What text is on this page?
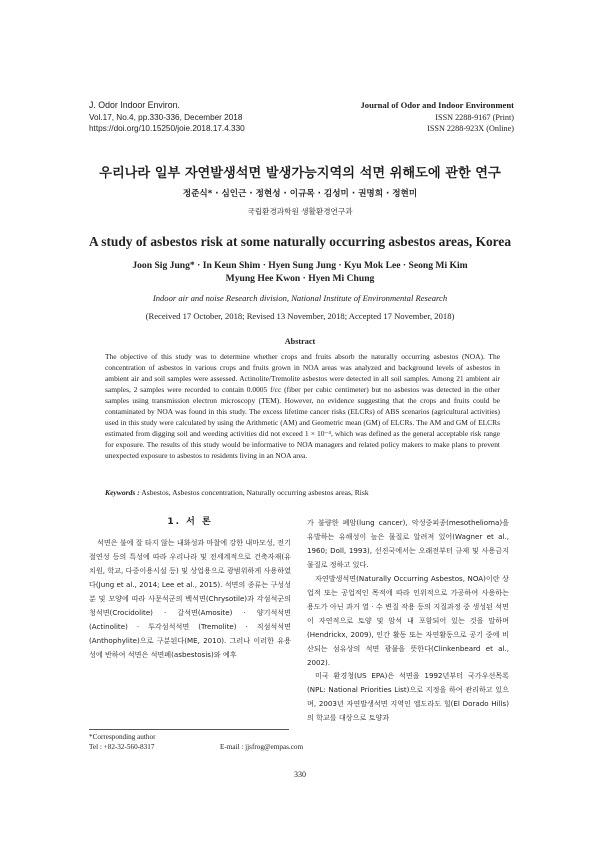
J. Odor Indoor Environ.
Vol.17, No.4, pp.330-336, December 2018
https://doi.org/10.15250/joie.2018.17.4.330
Journal of Odor and Indoor Environment
ISSN 2288-9167 (Print)
ISSN 2288-923X (Online)
우리나라 일부 자연발생석면 발생가능지역의 석면 위해도에 관한 연구
정준식* · 심인근 · 정현성 · 이규목 · 김성미 · 권명희 · 정현미
국립환경과학원 생활환경연구과
A study of asbestos risk at some naturally occurring asbestos areas, Korea
Joon Sig Jung* · In Keun Shim · Hyen Sung Jung · Kyu Mok Lee · Seong Mi Kim
Myung Hee Kwon · Hyen Mi Chung
Indoor air and noise Research division, National Institute of Environmental Research
(Received 17 October, 2018; Revised 13 November, 2018; Accepted 17 November, 2018)
Abstract
The objective of this study was to determine whether crops and fruits absorb the naturally occurring asbestos (NOA). The concentration of asbestos in various crops and fruits grown in NOA areas was analyzed and background levels of asbestos in ambient air and soil samples were assessed. Actinolite/Tremolite asbestos were detected in all soil samples. Among 21 ambient air samples, 2 samples were recorded to contain 0.0005 f/cc (fiber per cubic centimeter) but no asbestos was detected in the other samples using transmission electron microscopy (TEM). However, no evidence suggesting that the crops and fruits could be contaminated by NOA was found in this study. The excess lifetime cancer risks (ELCRs) of ABS scenarios (agricultural activities) used in this study were calculated by using the Arithmetic (AM) and Geometric mean (GM) of ELCRs. The AM and GM of ELCRs estimated from digging soil and weeding activities did not exceed 1 × 10⁻⁴, which was defined as the general acceptable risk range for exposure. The results of this study would be informative to NOA managers and related policy makers to make plans to prevent unexpected exposure to asbestos to residents living in an NOA area.
Keywords : Asbestos, Asbestos concentration, Naturally occurring asbestos areas, Risk
1. 서 론

석면은 불에 잘 타지 않는 내화성과 마찰에 강한 내마모성, 전기절연성 등의 특성에 따라 우리나라 및 전세계적으로 건축자재(유치원, 학교, 다중이용시설 등) 및 상업용으로 광범위하게 사용하였다(Jung et al., 2014; Lee et al., 2015). 석면의 종류는 구성성분 및 모양에 따라 사문석군의 백석면(Chrysotile)과 각섬석군의 청석면(Crocidolite) · 갈석면(Amosite) · 양기석석면(Actinolite) · 투각섬석석면 (Tremolite) · 직섬석석면(Anthophylite)으로 구분된다(ME, 2010). 그러나 이러한 유용성에 반하여 석면은 석면폐(asbestosis)와 예후

가 불량한 폐암(lung cancer), 악성중피종(mesothelioma)을 유발하는 유해성이 높은 물질로 알려져 있어(Wagner et al., 1960; Doll, 1993), 선진국에서는 오래전부터 규제 및 사용금지 물질로 정하고 있다.

자연발생석면(Naturally Occurring Asbestos, NOA)이란 상업적 또는 공업적인 목적에 따라 인위적으로 가공하여 사용하는 용도가 아닌 과거 열 · 수 변질 작용 등의 지질과정 중 생성된 석면이 자연적으로 토양 및 암석 내 포함되어 있는 것을 말하며(Hendrickx, 2009), 인간 활동 또는 자연활동으로 공기 중에 비산되는 섬유상의 석면 광물을 뜻한다(Clinkenbeard et al., 2002).

미국 환경청(US EPA)은 석면을 1992년부터 국가우선목록(NPL: National Priorities List)으로 지정을 하여 관리하고 있으며, 2003년 자연발생석면 지역인 엘도라도 힐(El Dorado Hills)의 학교를 대상으로 토양과

*Corresponding author
Tel : +82-32-560-8317	E-mail : jjsfrog@empas.com
330
